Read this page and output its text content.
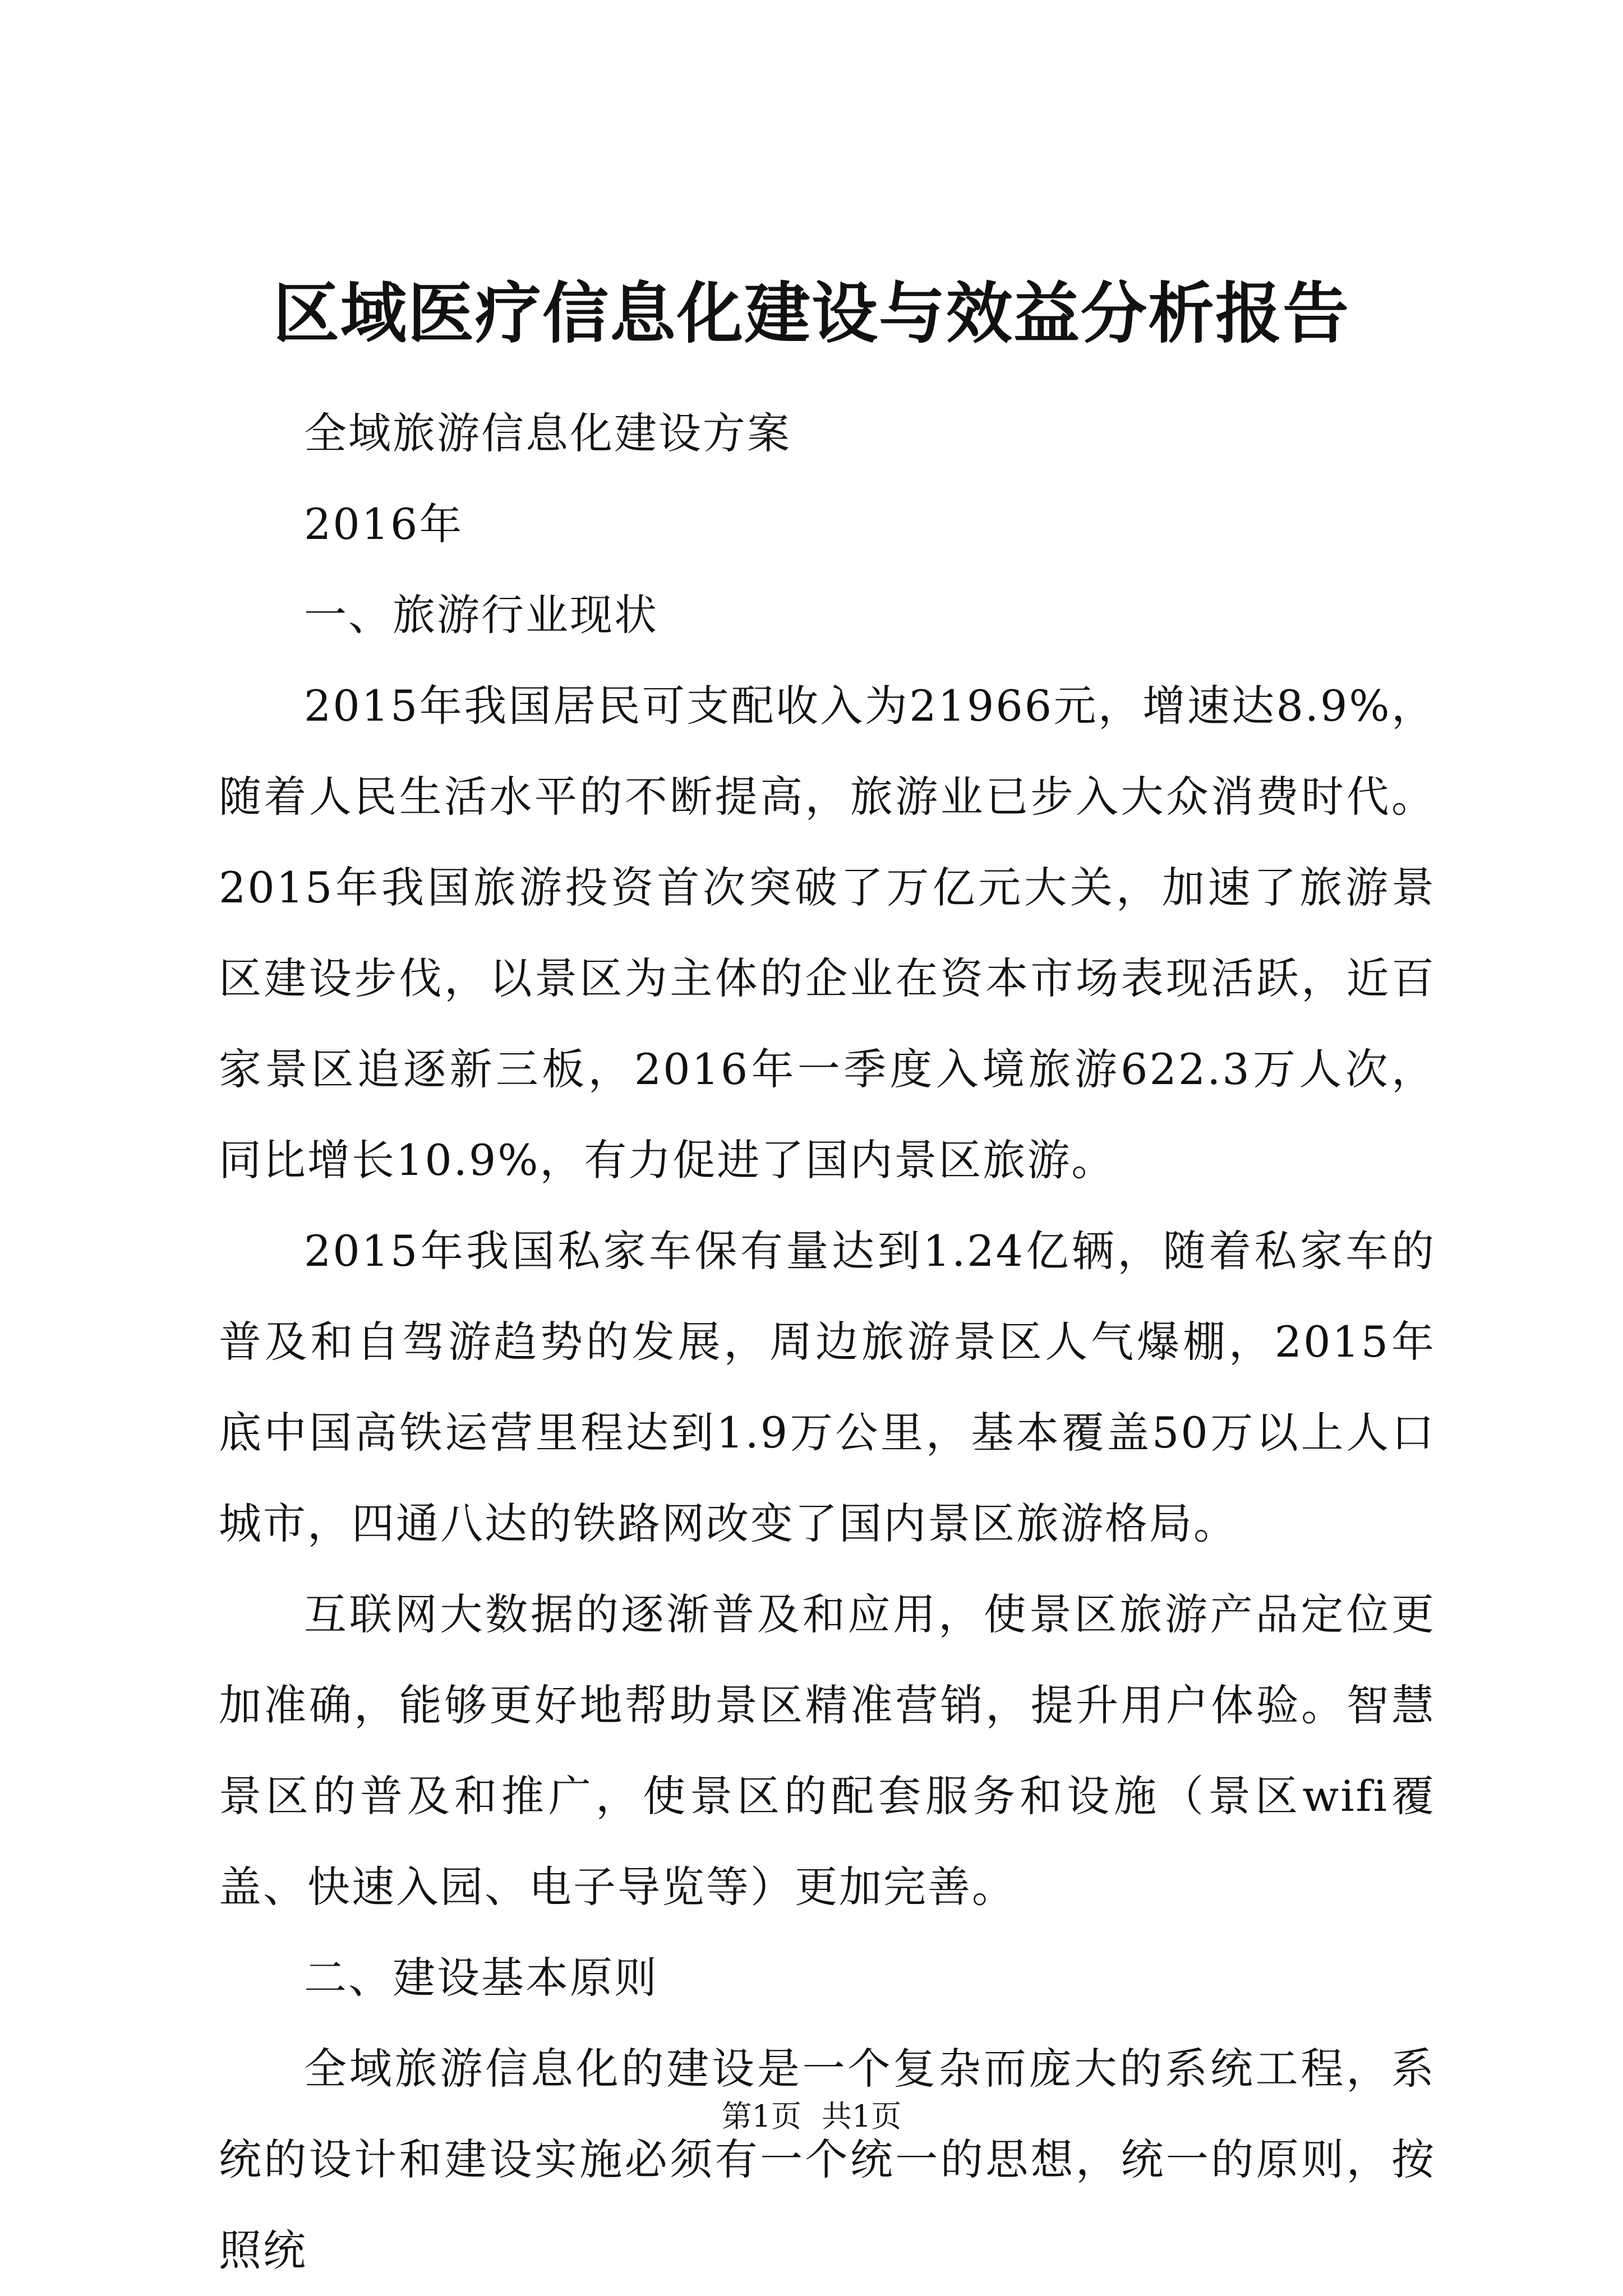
区域医疗信息化建设与效益分析报告

全域旅游信息化建设方案

2016年

一、旅游行业现状

2015年我国居民可支配收入为21966元，增速达8.9%，随着人民生活水平的不断提高，旅游业已步入大众消费时代。2015年我国旅游投资首次突破了万亿元大关，加速了旅游景区建设步伐，以景区为主体的企业在资本市场表现活跃，近百家景区追逐新三板，2016年一季度入境旅游622.3万人次，同比增长10.9%，有力促进了国内景区旅游。

2015年我国私家车保有量达到1.24亿辆，随着私家车的普及和自驾游趋势的发展，周边旅游景区人气爆棚，2015年底中国高铁运营里程达到1.9万公里，基本覆盖50万以上人口城市，四通八达的铁路网改变了国内景区旅游格局。

互联网大数据的逐渐普及和应用，使景区旅游产品定位更加准确，能够更好地帮助景区精准营销，提升用户体验。智慧景区的普及和推广，使景区的配套服务和设施（景区wifi覆盖、快速入园、电子导览等）更加完善。

二、建设基本原则

全域旅游信息化的建设是一个复杂而庞大的系统工程，系统的设计和建设实施必须有一个统一的思想，统一的原则，按照统

第1页 共1页
